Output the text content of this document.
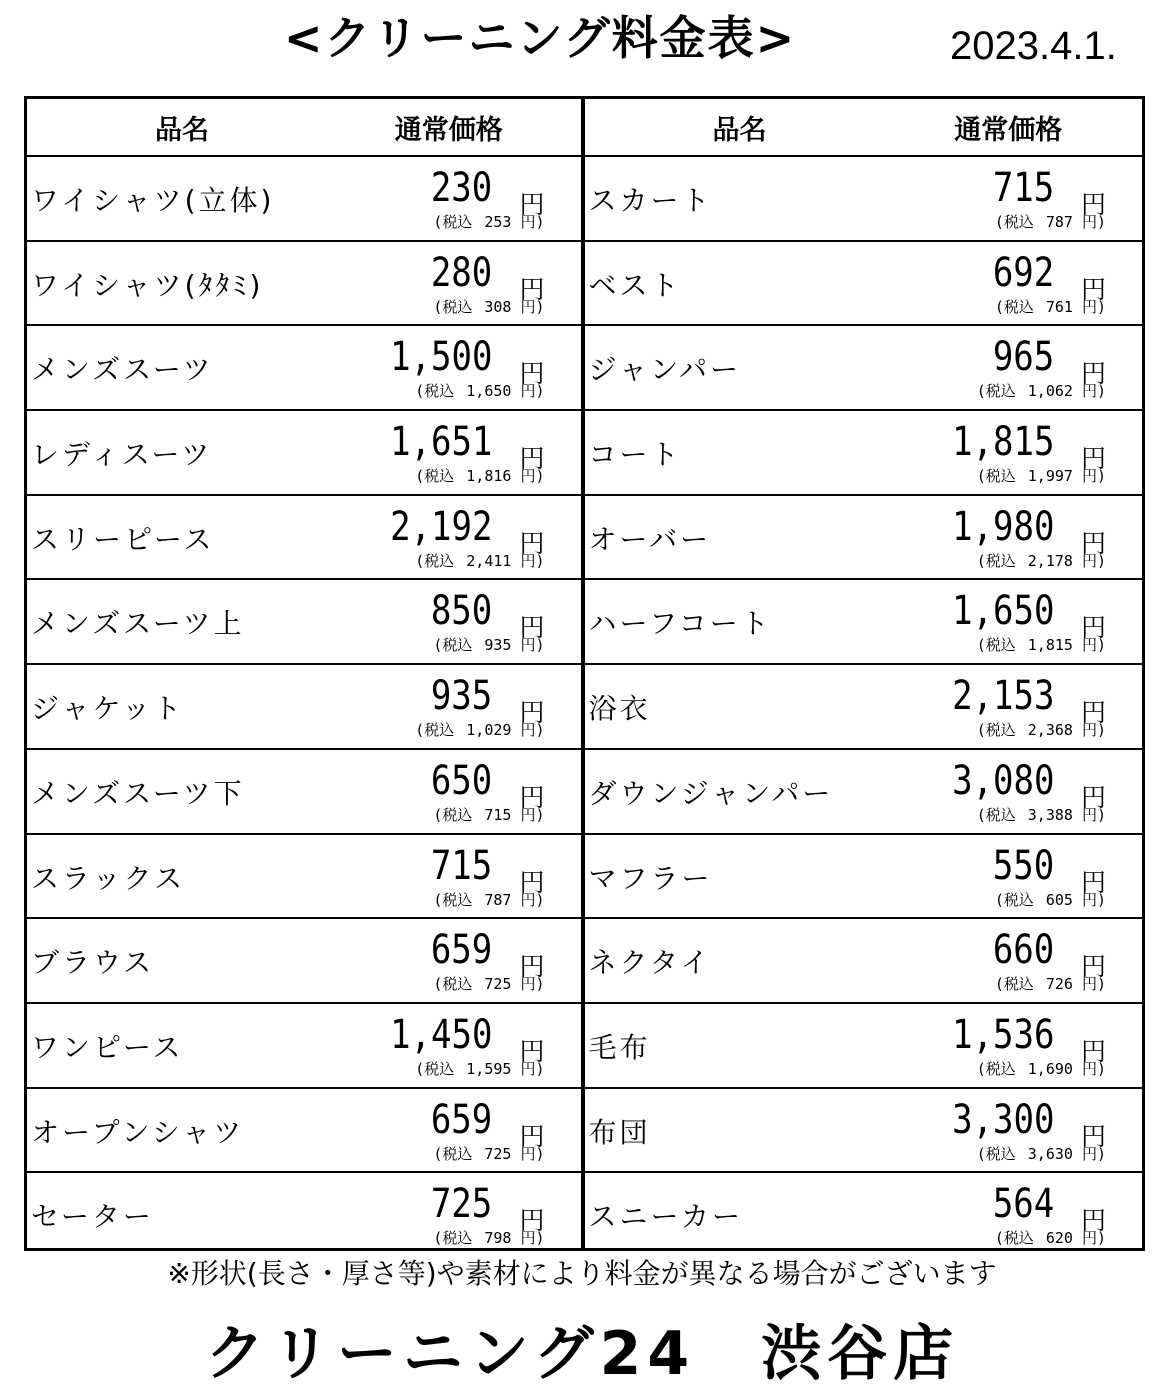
<クリーニング料金表>	2023.4.1.
品名	通常価格
ワイシャツ(立体)	230 円
(税込 253 円)
ワイシャツ(ﾀﾀﾐ)	280 円
(税込 308 円)
メンズスーツ	1,500 円
(税込 1,650 円)
レディスーツ	1,651 円
(税込 1,816 円)
スリーピース	2,192 円
(税込 2,411 円)
メンズスーツ上	850 円
(税込 935 円)
ジャケット	935 円
(税込 1,029 円)
メンズスーツ下	650 円
(税込 715 円)
スラックス	715 円
(税込 787 円)
ブラウス	659 円
(税込 725 円)
ワンピース	1,450 円
(税込 1,595 円)
オープンシャツ	659 円
(税込 725 円)
セーター	725 円
(税込 798 円)
品名	通常価格
スカート	715 円
(税込 787 円)
ベスト	692 円
(税込 761 円)
ジャンパー	965 円
(税込 1,062 円)
コート	1,815 円
(税込 1,997 円)
オーバー	1,980 円
(税込 2,178 円)
ハーフコート	1,650 円
(税込 1,815 円)
浴衣	2,153 円
(税込 2,368 円)
ダウンジャンパー	3,080 円
(税込 3,388 円)
マフラー	550 円
(税込 605 円)
ネクタイ	660 円
(税込 726 円)
毛布	1,536 円
(税込 1,690 円)
布団	3,300 円
(税込 3,630 円)
スニーカー	564 円
(税込 620 円)
※形状(長さ・厚さ等)や素材により料金が異なる場合がございます
クリーニング24　渋谷店
